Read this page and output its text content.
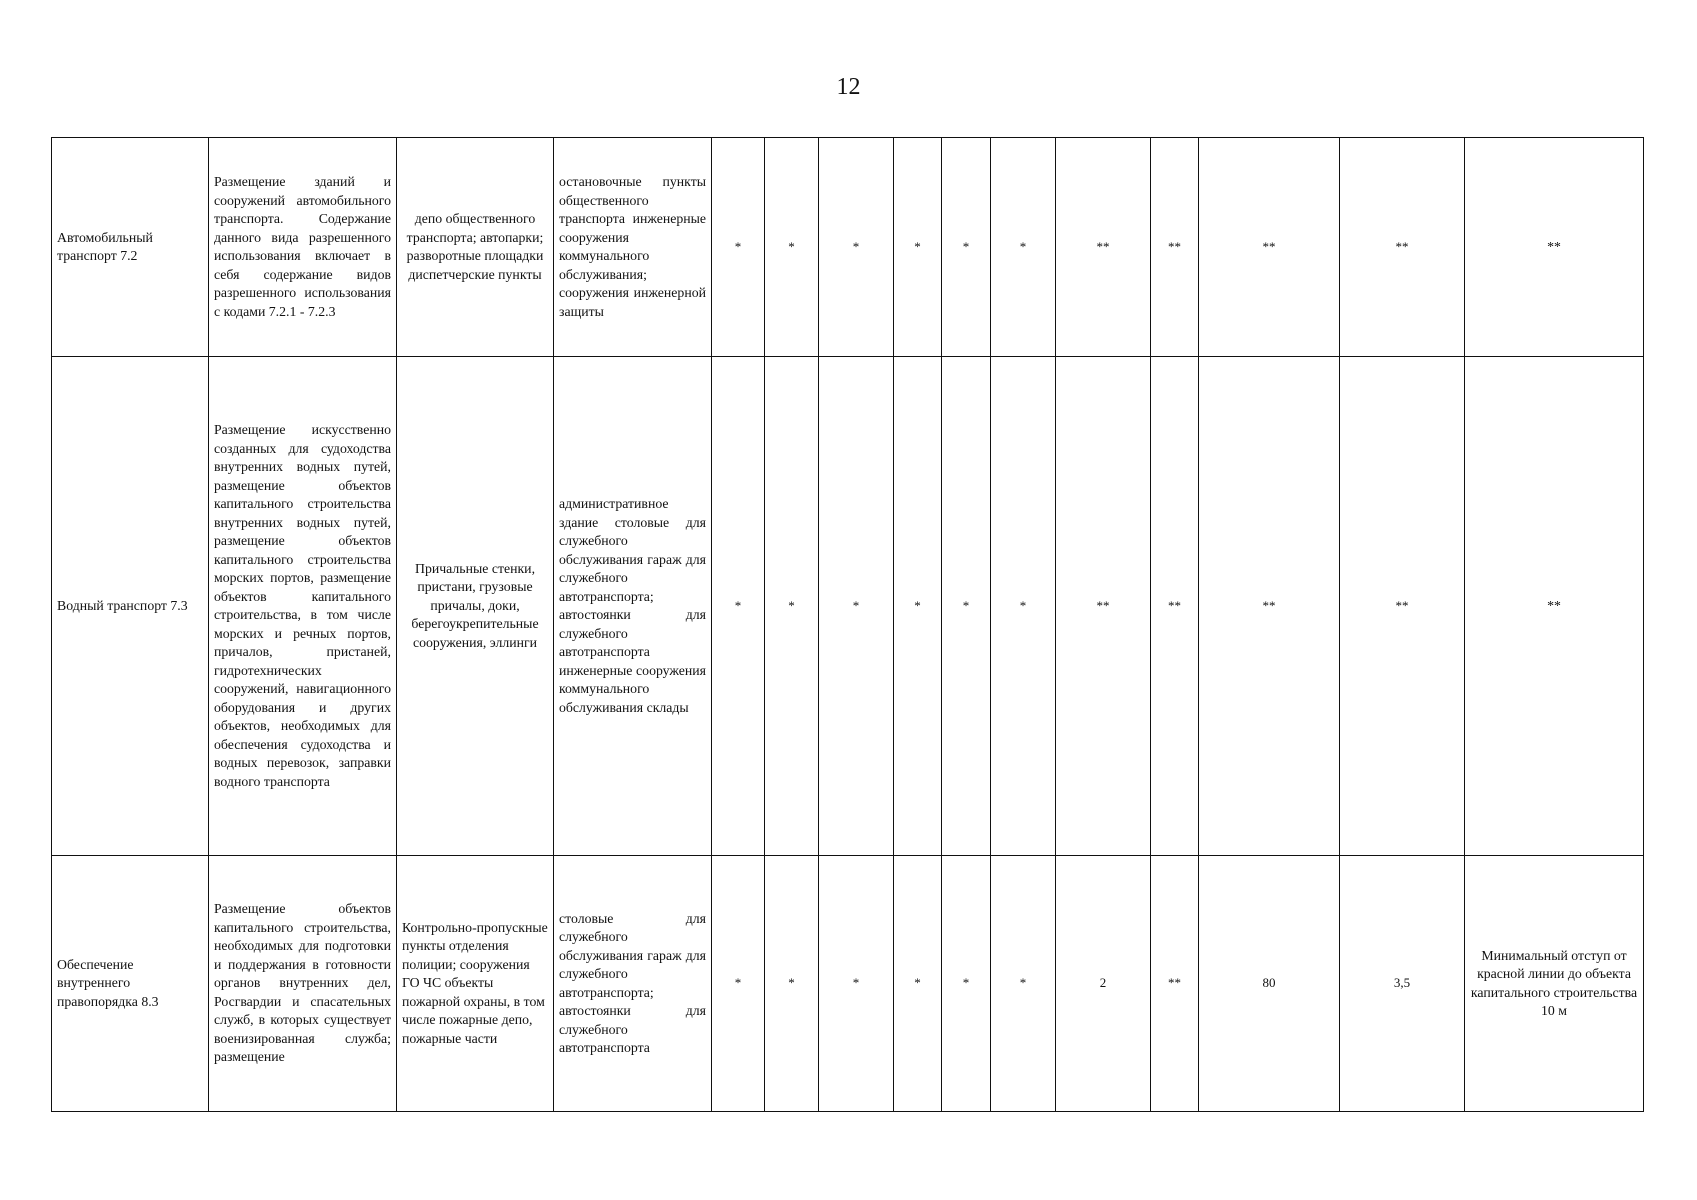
12
Автомобильный транспорт 7.2	Размещение зданий и сооружений автомобильного транспорта. Содержание данного вида разрешенного использования включает в себя содержание видов разрешенного использования с кодами 7.2.1 - 7.2.3	депо общественного транспорта; автопарки; разворотные площадки диспетчерские пункты	остановочные пункты общественного транспорта инженерные сооружения коммунального обслуживания; сооружения инженерной защиты	*	*	*	*	*	*	**	**	**	**	**
Водный транспорт 7.3	Размещение искусственно созданных для судоходства внутренних водных путей, размещение объектов капитального строительства внутренних водных путей, размещение объектов капитального строительства морских портов, размещение объектов капитального строительства, в том числе морских и речных портов, причалов, пристаней, гидротехнических сооружений, навигационного оборудования и других объектов, необходимых для обеспечения судоходства и водных перевозок, заправки водного транспорта	Причальные стенки, пристани, грузовые причалы, доки, берегоукрепительные сооружения, эллинги	административное здание столовые для служебного обслуживания гараж для служебного автотранспорта; автостоянки для служебного автотранспорта инженерные сооружения коммунального обслуживания склады	*	*	*	*	*	*	**	**	**	**	**
Обеспечение внутреннего правопорядка 8.3	Размещение объектов капитального строительства, необходимых для подготовки и поддержания в готовности органов внутренних дел, Росгвардии и спасательных служб, в которых существует военизированная служба; размещение	Контрольно-пропускные пункты отделения полиции; сооружения ГО ЧС объекты пожарной охраны, в том числе пожарные депо, пожарные части	столовые для служебного обслуживания гараж для служебного автотранспорта; автостоянки для служебного автотранспорта	*	*	*	*	*	*	2	**	80	3,5	Минимальный отступ от красной линии до объекта капитального строительства 10 м
